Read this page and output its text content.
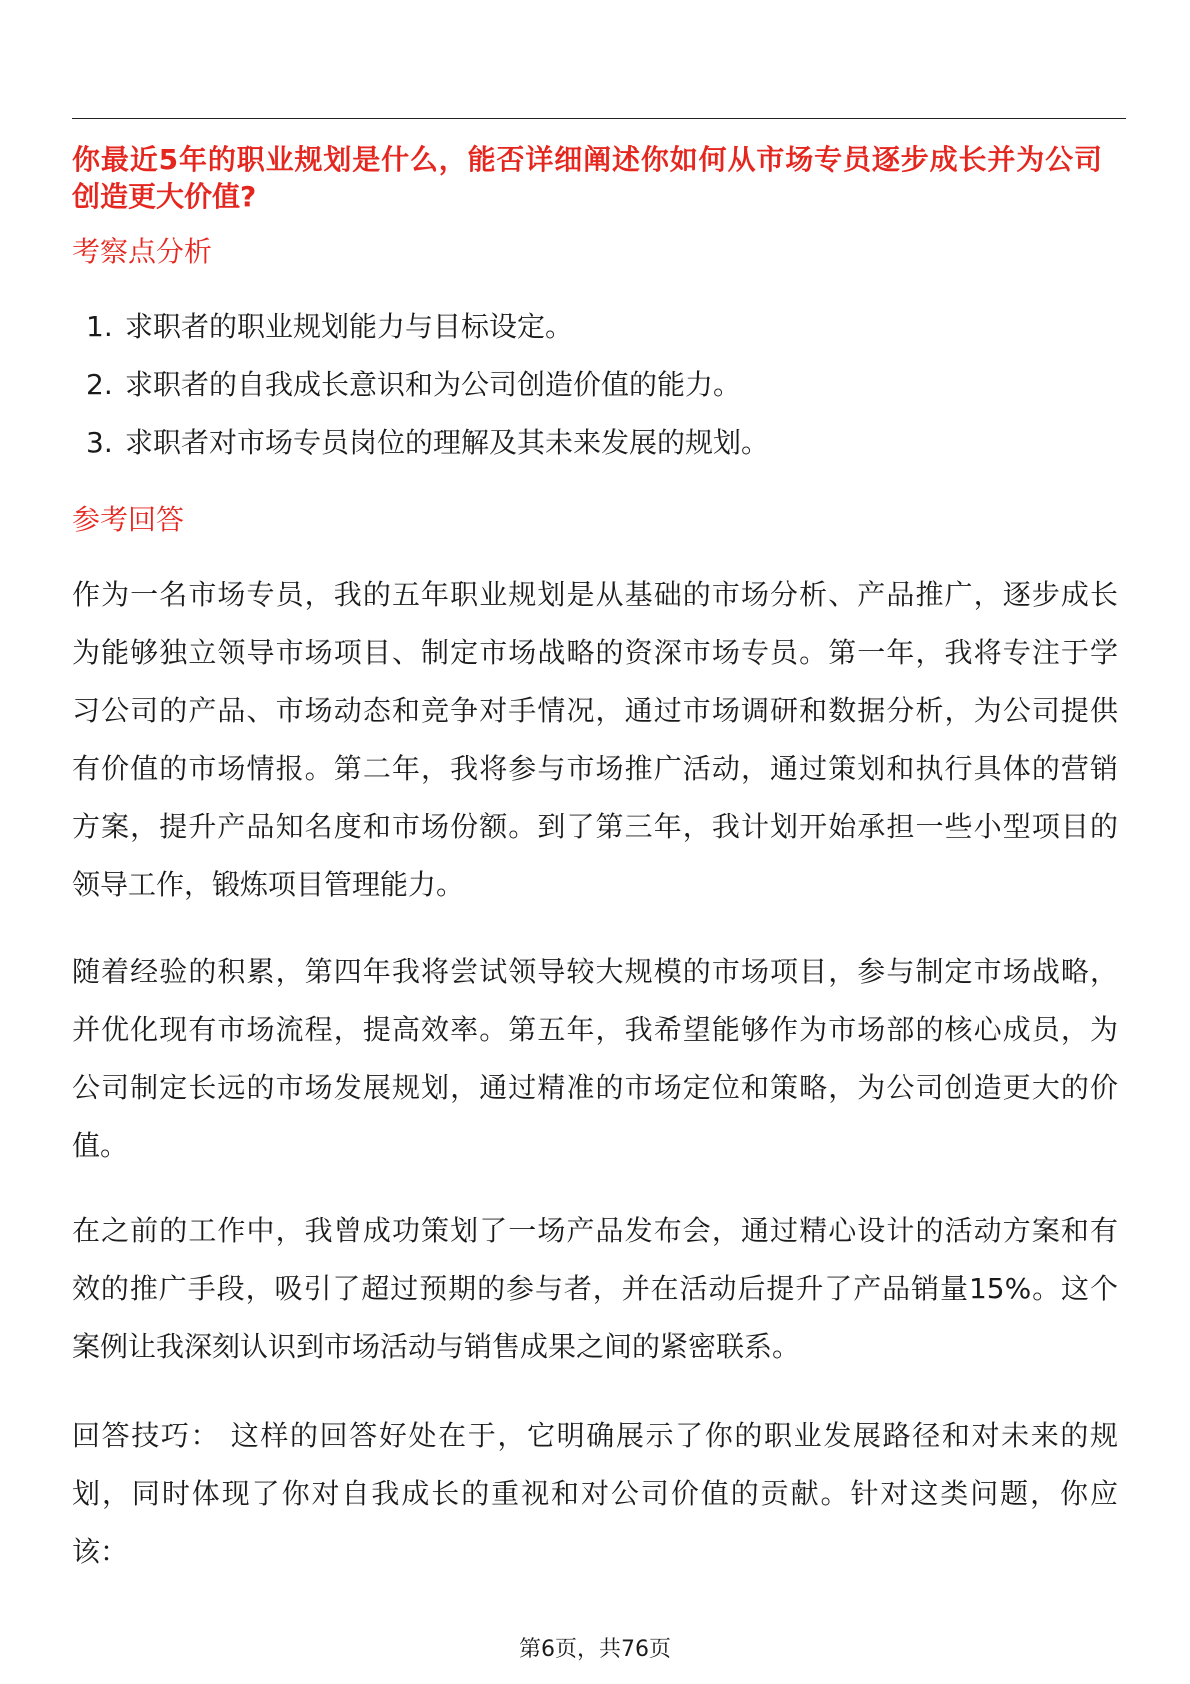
你最近5年的职业规划是什么，能否详细阐述你如何从市场专员逐步成长并为公司
创造更大价值?
考察点分析
1. 求职者的职业规划能力与目标设定。
2. 求职者的自我成长意识和为公司创造价值的能力。
3. 求职者对市场专员岗位的理解及其未来发展的规划。
参考回答
作为一名市场专员，我的五年职业规划是从基础的市场分析、产品推广，逐步成长
为能够独立领导市场项目、制定市场战略的资深市场专员。第一年，我将专注于学
习公司的产品、市场动态和竞争对手情况，通过市场调研和数据分析，为公司提供
有价值的市场情报。第二年，我将参与市场推广活动，通过策划和执行具体的营销
方案，提升产品知名度和市场份额。到了第三年，我计划开始承担一些小型项目的
领导工作，锻炼项目管理能力。
随着经验的积累，第四年我将尝试领导较大规模的市场项目，参与制定市场战略，
并优化现有市场流程，提高效率。第五年，我希望能够作为市场部的核心成员，为
公司制定长远的市场发展规划，通过精准的市场定位和策略，为公司创造更大的价
值。
在之前的工作中，我曾成功策划了一场产品发布会，通过精心设计的活动方案和有
效的推广手段，吸引了超过预期的参与者，并在活动后提升了产品销量15%。这个
案例让我深刻认识到市场活动与销售成果之间的紧密联系。
回答技巧： 这样的回答好处在于，它明确展示了你的职业发展路径和对未来的规
划，同时体现了你对自我成长的重视和对公司价值的贡献。针对这类问题，你应
该：
第6页，共76页
